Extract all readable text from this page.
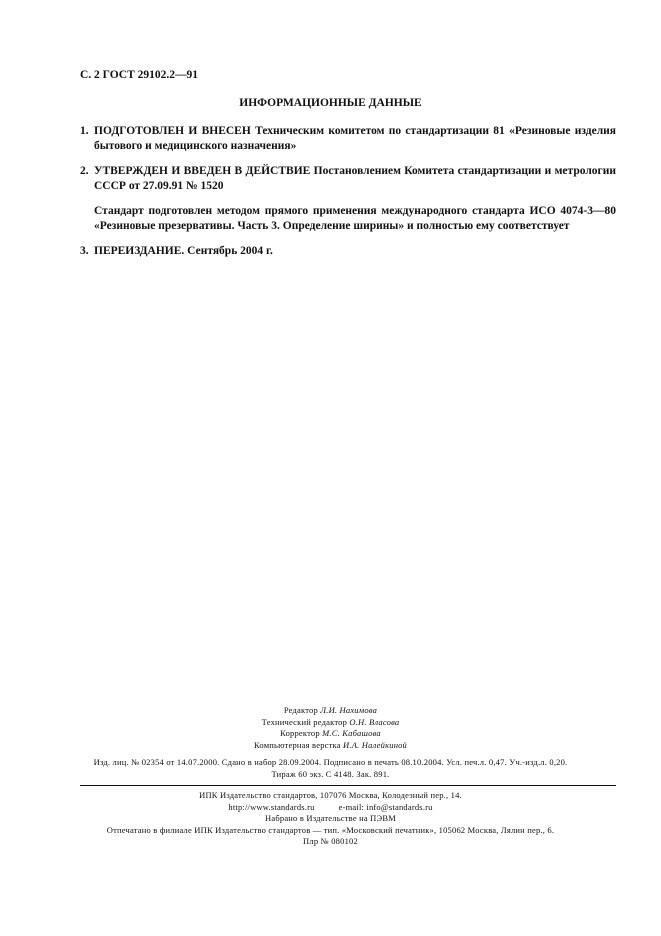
С. 2 ГОСТ 29102.2—91
ИНФОРМАЦИОННЫЕ ДАННЫЕ
1. ПОДГОТОВЛЕН И ВНЕСЕН Техническим комитетом по стандартизации 81 «Резиновые изделия бытового и медицинского назначения»
2. УТВЕРЖДЕН И ВВЕДЕН В ДЕЙСТВИЕ Постановлением Комитета стандартизации и метрологии СССР от 27.09.91 № 1520
Стандарт подготовлен методом прямого применения международного стандарта ИСО 4074-3—80 «Резиновые презервативы. Часть 3. Определение ширины» и полностью ему соответствует
3. ПЕРЕИЗДАНИЕ. Сентябрь 2004 г.
Редактор Л.И. Нахимова
Технический редактор О.Н. Власова
Корректор М.С. Кабашова
Компьютерная верстка И.А. Налейкиной
Изд. лиц. № 02354 от 14.07.2000. Сдано в набор 28.09.2004. Подписано в печать 08.10.2004. Усл. печ.л. 0,47. Уч.-изд.л. 0,20.
Тираж 60 экз. С 4148. Зак. 891.
ИПК Издательство стандартов, 107076 Москва, Колодезный пер., 14.
http://www.standards.ru	e-mail: info@standards.ru
Набрано в Издательстве на ПЭВМ
Отпечатано в филиале ИПК Издательство стандартов — тип. «Московский печатник», 105062 Москва, Лялин пер., 6.
Плр № 080102
